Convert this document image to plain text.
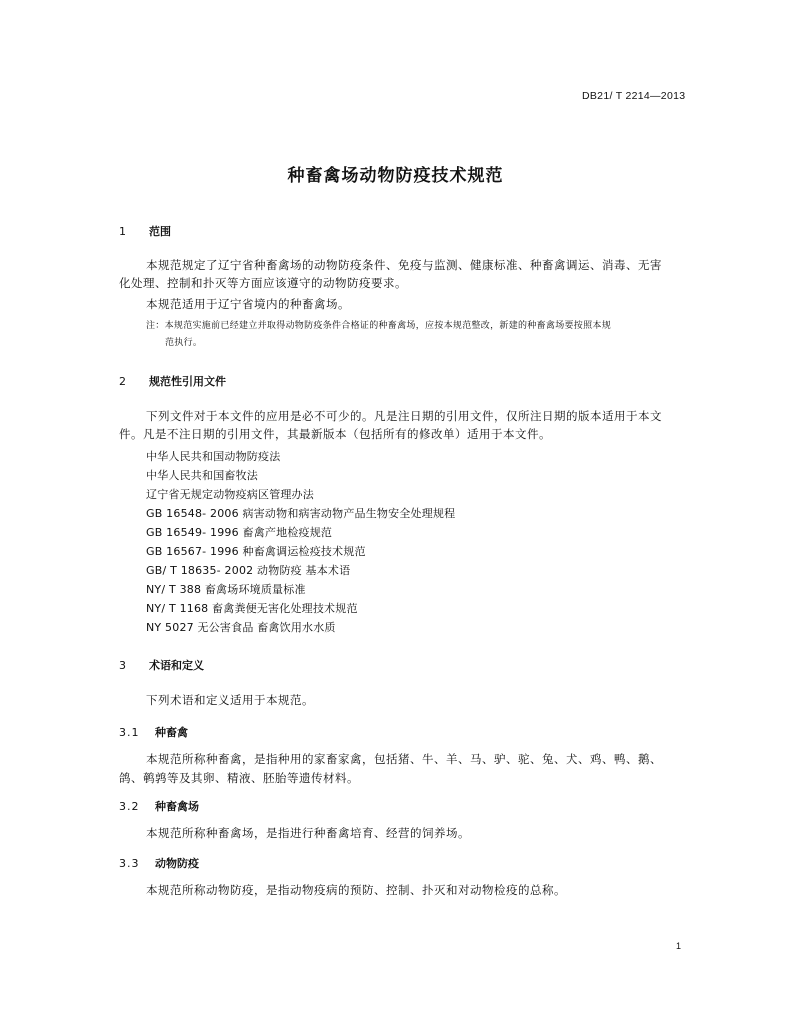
DB21/ T 2214—2013
种畜禽场动物防疫技术规范
1 范围
本规范规定了辽宁省种畜禽场的动物防疫条件、免疫与监测、健康标准、种畜禽调运、消毒、无害
化处理、控制和扑灭等方面应该遵守的动物防疫要求。
本规范适用于辽宁省境内的种畜禽场。
注：本规范实施前已经建立并取得动物防疫条件合格证的种畜禽场，应按本规范整改，新建的种畜禽场要按照本规
范执行。
2 规范性引用文件
下列文件对于本文件的应用是必不可少的。凡是注日期的引用文件，仅所注日期的版本适用于本文
件。凡是不注日期的引用文件，其最新版本（包括所有的修改单）适用于本文件。
中华人民共和国动物防疫法
中华人民共和国畜牧法
辽宁省无规定动物疫病区管理办法
GB 16548- 2006 病害动物和病害动物产品生物安全处理规程
GB 16549- 1996 畜禽产地检疫规范
GB 16567- 1996 种畜禽调运检疫技术规范
GB/ T 18635- 2002 动物防疫 基本术语
NY/ T 388 畜禽场环境质量标准
NY/ T 1168 畜禽粪便无害化处理技术规范
NY 5027 无公害食品 畜禽饮用水水质
3 术语和定义
下列术语和定义适用于本规范。
3.1 种畜禽
本规范所称种畜禽，是指种用的家畜家禽，包括猪、牛、羊、马、驴、驼、兔、犬、鸡、鸭、鹅、
鸽、鹌鹑等及其卵、精液、胚胎等遗传材料。
3.2 种畜禽场
本规范所称种畜禽场，是指进行种畜禽培育、经营的饲养场。
3.3 动物防疫
本规范所称动物防疫，是指动物疫病的预防、控制、扑灭和对动物检疫的总称。
1
